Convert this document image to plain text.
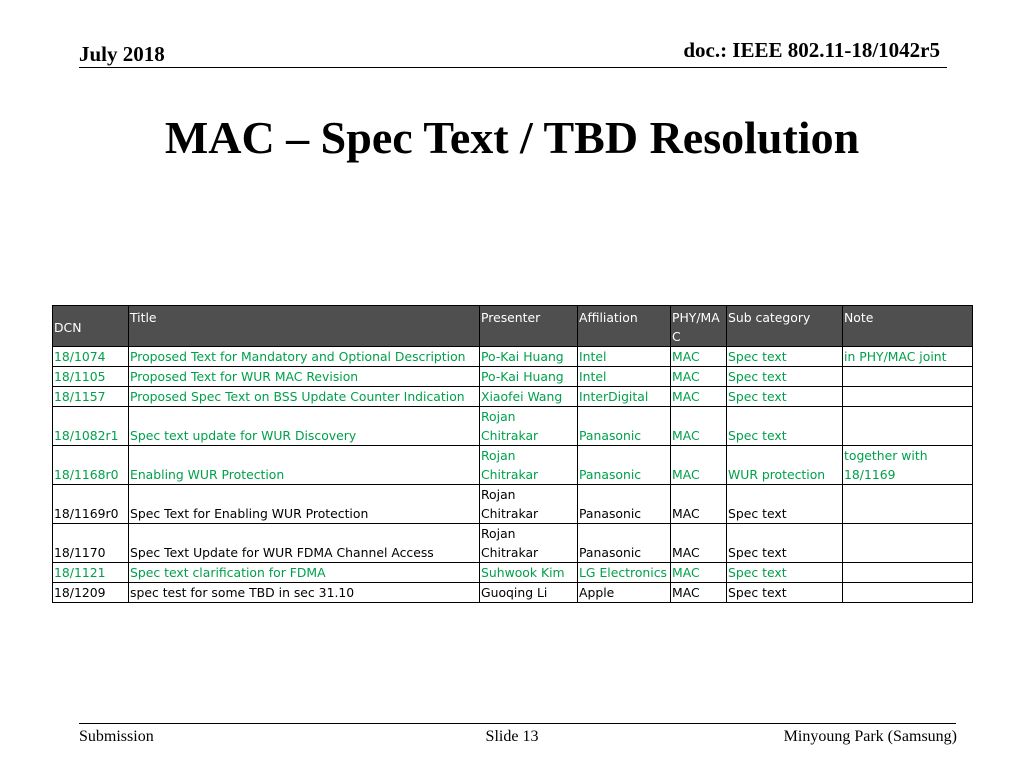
July 2018	doc.: IEEE 802.11-18/1042r5
MAC – Spec Text / TBD Resolution
DCN	Title	Presenter	Affiliation	PHY/MAC	Sub category	Note
18/1074	Proposed Text for Mandatory and Optional Description	Po-Kai Huang	Intel	MAC	Spec text	in PHY/MAC joint
18/1105	Proposed Text for WUR MAC Revision	Po-Kai Huang	Intel	MAC	Spec text	
18/1157	Proposed Spec Text on BSS Update Counter Indication	Xiaofei Wang	InterDigital	MAC	Spec text	
18/1082r1	Spec text update for WUR Discovery	Rojan Chitrakar	Panasonic	MAC	Spec text	
18/1168r0	Enabling WUR Protection	Rojan Chitrakar	Panasonic	MAC	WUR protection	together with 18/1169
18/1169r0	Spec Text for Enabling WUR Protection	Rojan Chitrakar	Panasonic	MAC	Spec text	
18/1170	Spec Text Update for WUR FDMA Channel Access	Rojan Chitrakar	Panasonic	MAC	Spec text	
18/1121	Spec text clarification for FDMA	Suhwook Kim	LG Electronics	MAC	Spec text	
18/1209	spec test for some TBD in sec 31.10	Guoqing Li	Apple	MAC	Spec text	
Submission	Slide 13	Minyoung Park (Samsung)
